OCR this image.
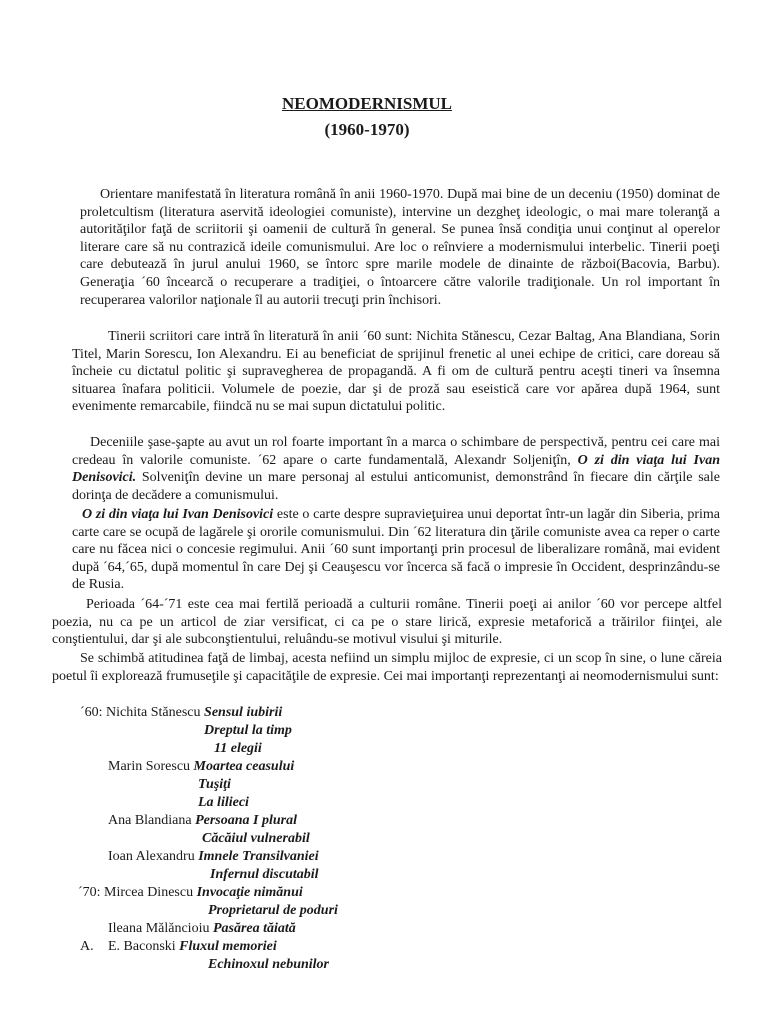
NEOMODERNISMUL
(1960-1970)

Orientare manifestată în literatura română în anii 1960-1970. După mai bine de un deceniu (1950) dominat de proletcultism (literatura aservită ideologiei comuniste), intervine un dezgheţ ideologic, o mai mare toleranţă a autorităţilor faţă de scriitorii şi oamenii de cultură în general. Se punea însă condiţia unui conţinut al operelor literare care să nu contrazică ideile comunismului. Are loc o reînviere a modernismului interbelic. Tinerii poeţi care debutează în jurul anului 1960, se întorc spre marile modele de dinainte de război(Bacovia, Barbu). Generaţia ´60 încearcă o recuperare a tradiţiei, o întoarcere către valorile tradiţionale. Un rol important în recuperarea valorilor naţionale îl au autorii trecuţi prin închisori.

Tinerii scriitori care intră în literatură în anii ´60 sunt: Nichita Stănescu, Cezar Baltag, Ana Blandiana, Sorin Titel, Marin Sorescu, Ion Alexandru. Ei au beneficiat de sprijinul frenetic al unei echipe de critici, care doreau să încheie cu dictatul politic şi supravegherea de propagandă. A fi om de cultură pentru aceşti tineri va însemna situarea înafara politicii. Volumele de poezie, dar şi de proză sau eseistică care vor apărea după 1964, sunt evenimente remarcabile, fiindcă nu se mai supun dictatului politic.

Deceniile şase-şapte au avut un rol foarte important în a marca o schimbare de perspectivă, pentru cei care mai credeau în valorile comuniste. ´62 apare o carte fundamentală, Alexandr Soljeniţîn, O zi din viaţa lui Ivan Denisovici. Solveniţîn devine un mare personaj al estului anticomunist, demonstrând în fiecare din cărţile sale dorinţa de decădere a comunismului.

O zi din viaţa lui Ivan Denisovici este o carte despre supravieţuirea unui deportat într-un lagăr din Siberia, prima carte care se ocupă de lagărele şi ororile comunismului. Din ´62 literatura din ţările comuniste avea ca reper o carte care nu făcea nici o concesie regimului. Anii ´60 sunt importanţi prin procesul de liberalizare română, mai evident după ´64,´65, după momentul în care Dej şi Ceauşescu vor încerca să facă o impresie în Occident, desprinzându-se de Rusia.

Perioada ´64-´71 este cea mai fertilă perioadă a culturii române. Tinerii poeţi ai anilor ´60 vor percepe altfel poezia, nu ca pe un articol de ziar versificat, ci ca pe o stare lirică, expresie metaforică a trăirilor fiinţei, ale conştientului, dar şi ale subconştientului, reluându-se motivul visului şi miturile.

Se schimbă atitudinea faţă de limbaj, acesta nefiind un simplu mijloc de expresie, ci un scop în sine, o lune căreia poetul îi explorează frumuseţile şi capacităţile de expresie. Cei mai importanţi reprezentanţi ai neomodernismului sunt:

´60: Nichita Stănescu Sensul iubirii
Dreptul la timp
11 elegii
Marin Sorescu Moartea ceasului
Tuşiţi
La lilieci
Ana Blandiana Persoana I plural
Căcăiul vulnerabil
Ioan Alexandru Imnele Transilvaniei
Infernul discutabil
´70: Mircea Dinescu Invocaţie nimănui
Proprietarul de poduri
Ileana Mălăncioiu Pasărea tăiată
A. E. Baconski Fluxul memoriei
Echinoxul nebunilor
